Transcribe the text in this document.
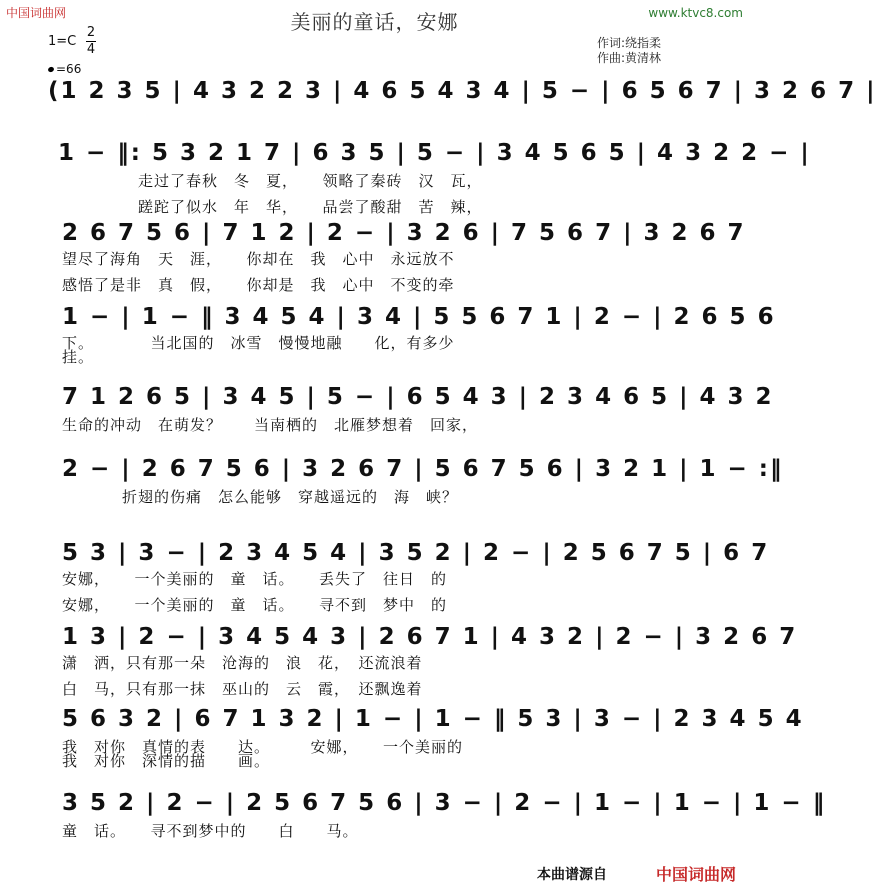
中国词曲网	www.ktvc8.com
美丽的童话，安娜
作词:绕指柔
作曲:黄清林
1=C
2
4
=66
(1 2 3 5 | 4 3 2 2 3 | 4 6 5 4 3 4 | 5 − | 6 5 6 7 | 3 2 6 7 |
1 − ‖: 5 3 2 1 7 | 6 3 5 | 5 − | 3 4 5 6 5 | 4 3 2 2 − |
走过了春秋　冬　夏，　　领略了秦砖　汉　瓦，
蹉跎了似水　年　华，　　品尝了酸甜　苦　辣，
2 6 7 5 6 | 7 1 2 | 2 − | 3 2 6 | 7 5 6 7 | 3 2 6 7
望尽了海角　天　涯，　　你却在　我　心中　永远放不
感悟了是非　真　假，　　你却是　我　心中　不变的牵
1 − | 1 − ‖ 3 4 5 4 | 3 4 | 5 5 6 7 1 | 2 − | 2 6 5 6
下。　　　　当北国的　冰雪　慢慢地融　　化，有多少
挂。
7 1 2 6 5 | 3 4 5 | 5 − | 6 5 4 3 | 2 3 4 6 5 | 4 3 2
生命的冲动　在萌发？　　当南栖的　北雁梦想着　回家，
2 − | 2 6 7 5 6 | 3 2 6 7 | 5 6 7 5 6 | 3 2 1 | 1 − :‖
折翅的伤痛　怎么能够　穿越遥远的　海　峡？
5 3 | 3 − | 2 3 4 5 4 | 3 5 2 | 2 − | 2 5 6 7 5 | 6 7
安娜，　　一个美丽的　童　话。　　丢失了　往日　的
安娜，　　一个美丽的　童　话。　　寻不到　梦中　的
1 3 | 2 − | 3 4 5 4 3 | 2 6 7 1 | 4 3 2 | 2 − | 3 2 6 7
潇　洒，只有那一朵　沧海的　浪　花，　还流浪着
白　马，只有那一抹　巫山的　云　霞，　还飘逸着
5 6 3 2 | 6 7 1 3 2 | 1 − | 1 − ‖ 5 3 | 3 − | 2 3 4 5 4
我　对你　真情的表　　达。　　　安娜，　　一个美丽的
我　对你　深情的描　　画。
3 5 2 | 2 − | 2 5 6 7 5 6 | 3 − | 2 − | 1 − | 1 − | 1 − ‖
童　话。　　寻不到梦中的　　白　　马。
本曲谱源自	中国词曲网
